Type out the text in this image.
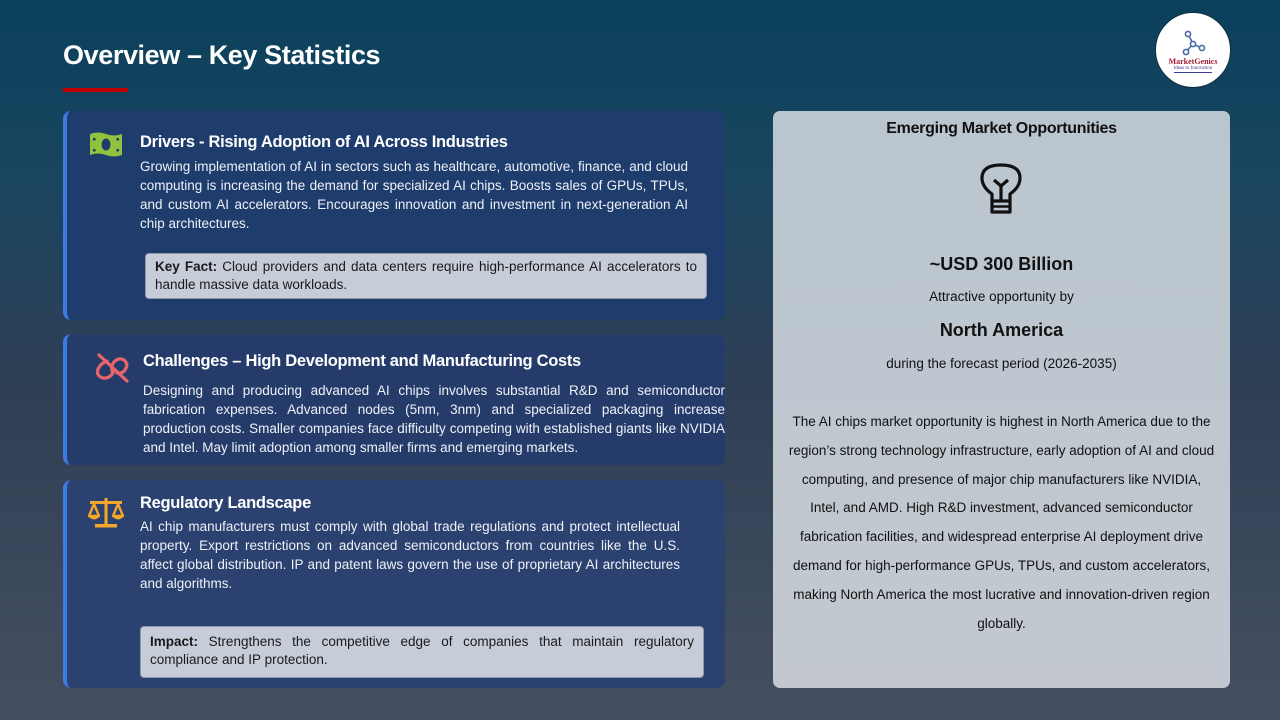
Overview – Key Statistics	MarketGenics
Ideas to Innovation
Drivers - Rising Adoption of AI Across Industries
Growing implementation of AI in sectors such as healthcare, automotive, finance, and cloud computing is increasing the demand for specialized AI chips. Boosts sales of GPUs, TPUs, and custom AI accelerators. Encourages innovation and investment in next-generation AI chip architectures.
Key Fact: Cloud providers and data centers require high-performance AI accelerators to handle massive data workloads.
Challenges – High Development and Manufacturing Costs
Designing and producing advanced AI chips involves substantial R&D and semiconductor fabrication expenses. Advanced nodes (5nm, 3nm) and specialized packaging increase production costs. Smaller companies face difficulty competing with established giants like NVIDIA and Intel. May limit adoption among smaller firms and emerging markets.
Regulatory Landscape
AI chip manufacturers must comply with global trade regulations and protect intellectual property. Export restrictions on advanced semiconductors from countries like the U.S. affect global distribution. IP and patent laws govern the use of proprietary AI architectures and algorithms.
Impact: Strengthens the competitive edge of companies that maintain regulatory compliance and IP protection.
Emerging Market Opportunities
~USD 300 Billion
Attractive opportunity by
North America
during the forecast period (2026-2035)
The AI chips market opportunity is highest in North America due to the region’s strong technology infrastructure, early adoption of AI and cloud computing, and presence of major chip manufacturers like NVIDIA, Intel, and AMD. High R&D investment, advanced semiconductor fabrication facilities, and widespread enterprise AI deployment drive demand for high-performance GPUs, TPUs, and custom accelerators, making North America the most lucrative and innovation-driven region globally.
